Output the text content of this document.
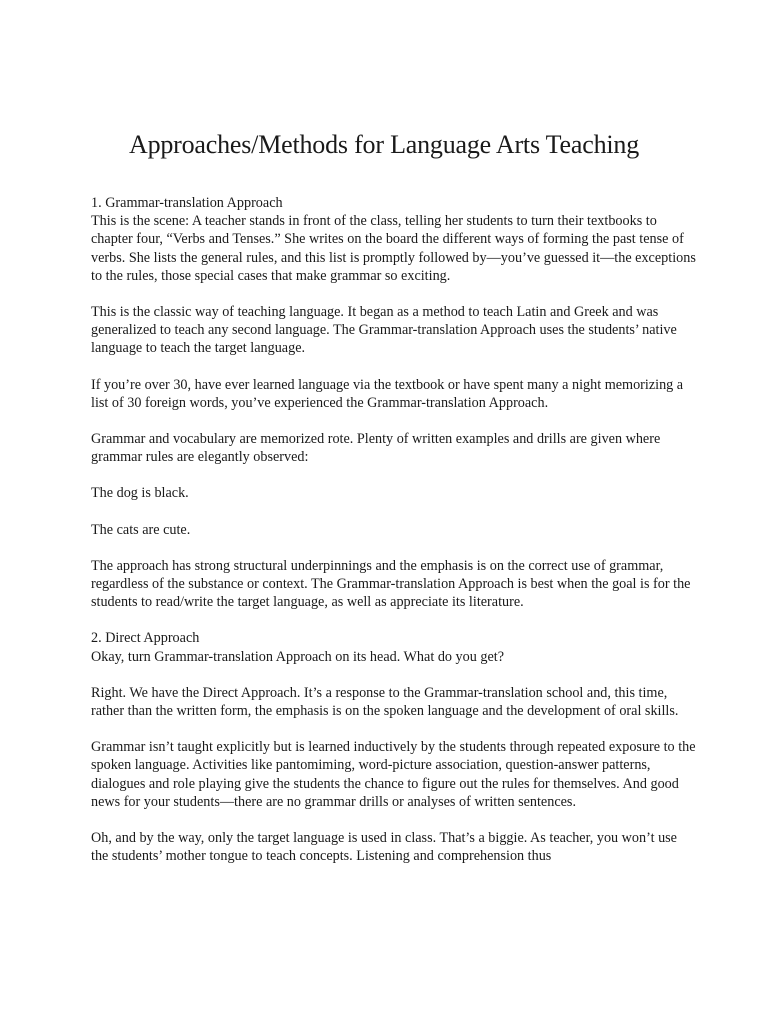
Approaches/Methods for Language Arts Teaching

1. Grammar-translation Approach
This is the scene: A teacher stands in front of the class, telling her students to turn their textbooks to chapter four, “Verbs and Tenses.” She writes on the board the different ways of forming the past tense of verbs. She lists the general rules, and this list is promptly followed by—you’ve guessed it—the exceptions to the rules, those special cases that make grammar so exciting.

This is the classic way of teaching language. It began as a method to teach Latin and Greek and was generalized to teach any second language. The Grammar-translation Approach uses the students’ native language to teach the target language.

If you’re over 30, have ever learned language via the textbook or have spent many a night memorizing a list of 30 foreign words, you’ve experienced the Grammar-translation Approach.

Grammar and vocabulary are memorized rote. Plenty of written examples and drills are given where grammar rules are elegantly observed:

The dog is black.

The cats are cute.

The approach has strong structural underpinnings and the emphasis is on the correct use of grammar, regardless of the substance or context. The Grammar-translation Approach is best when the goal is for the students to read/write the target language, as well as appreciate its literature.

2. Direct Approach
Okay, turn Grammar-translation Approach on its head. What do you get?

Right. We have the Direct Approach. It’s a response to the Grammar-translation school and, this time, rather than the written form, the emphasis is on the spoken language and the development of oral skills.

Grammar isn’t taught explicitly but is learned inductively by the students through repeated exposure to the spoken language. Activities like pantomiming, word-picture association, question-answer patterns, dialogues and role playing give the students the chance to figure out the rules for themselves. And good news for your students—there are no grammar drills or analyses of written sentences.

Oh, and by the way, only the target language is used in class. That’s a biggie. As teacher, you won’t use the students’ mother tongue to teach concepts. Listening and comprehension thus
